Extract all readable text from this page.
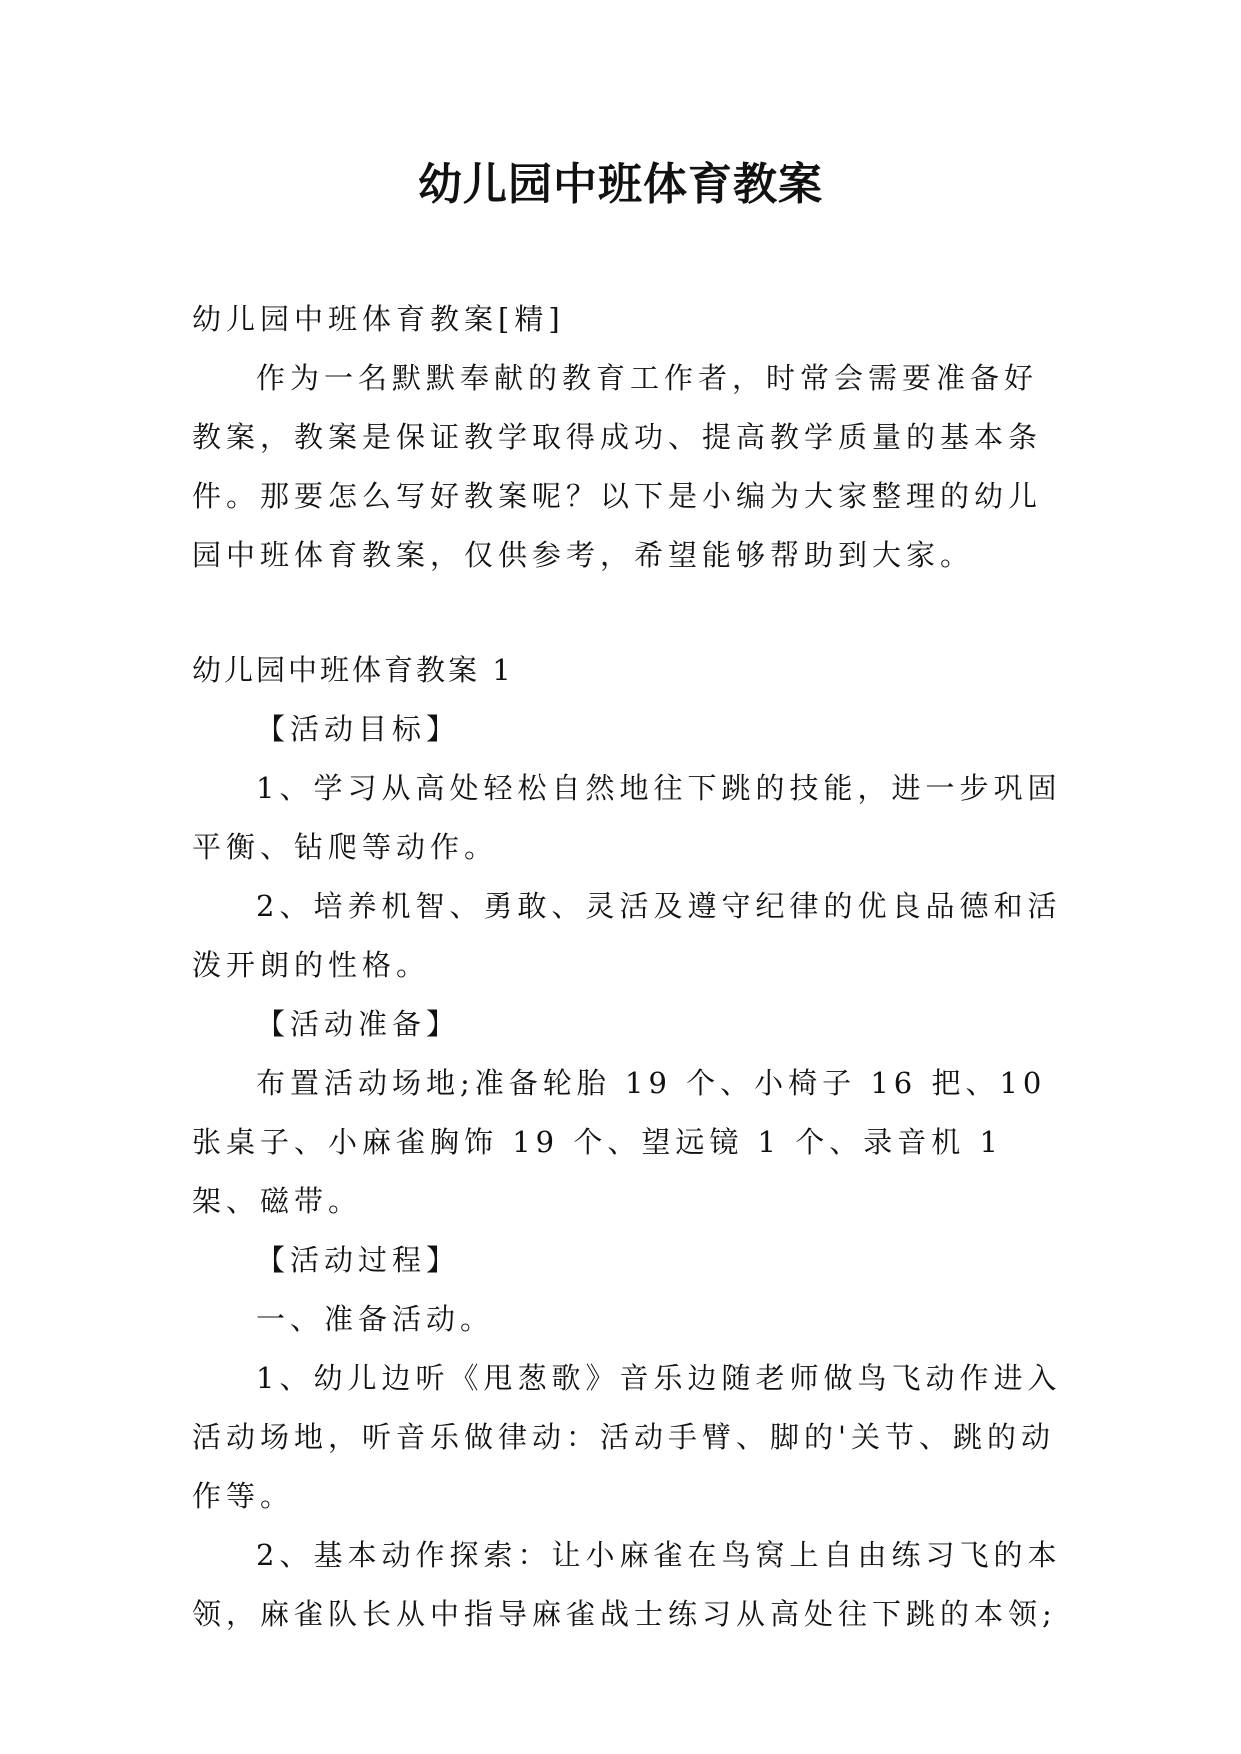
幼儿园中班体育教案

幼儿园中班体育教案[精]

作为一名默默奉献的教育工作者，时常会需要准备好教案，教案是保证教学取得成功、提高教学质量的基本条件。那要怎么写好教案呢？以下是小编为大家整理的幼儿园中班体育教案，仅供参考，希望能够帮助到大家。

幼儿园中班体育教案 1

【活动目标】

1、学习从高处轻松自然地往下跳的技能，进一步巩固平衡、钻爬等动作。

2、培养机智、勇敢、灵活及遵守纪律的优良品德和活泼开朗的性格。

【活动准备】

布置活动场地;准备轮胎 19 个、小椅子 16 把、10 张桌子、小麻雀胸饰 19 个、望远镜 1 个、录音机 1 架、磁带。

【活动过程】

一、准备活动。

1、幼儿边听《甩葱歌》音乐边随老师做鸟飞动作进入活动场地，听音乐做律动：活动手臂、脚的'关节、跳的动作等。

2、基本动作探索：让小麻雀在鸟窝上自由练习飞的本领，麻雀队长从中指导麻雀战士练习从高处往下跳的本领;
